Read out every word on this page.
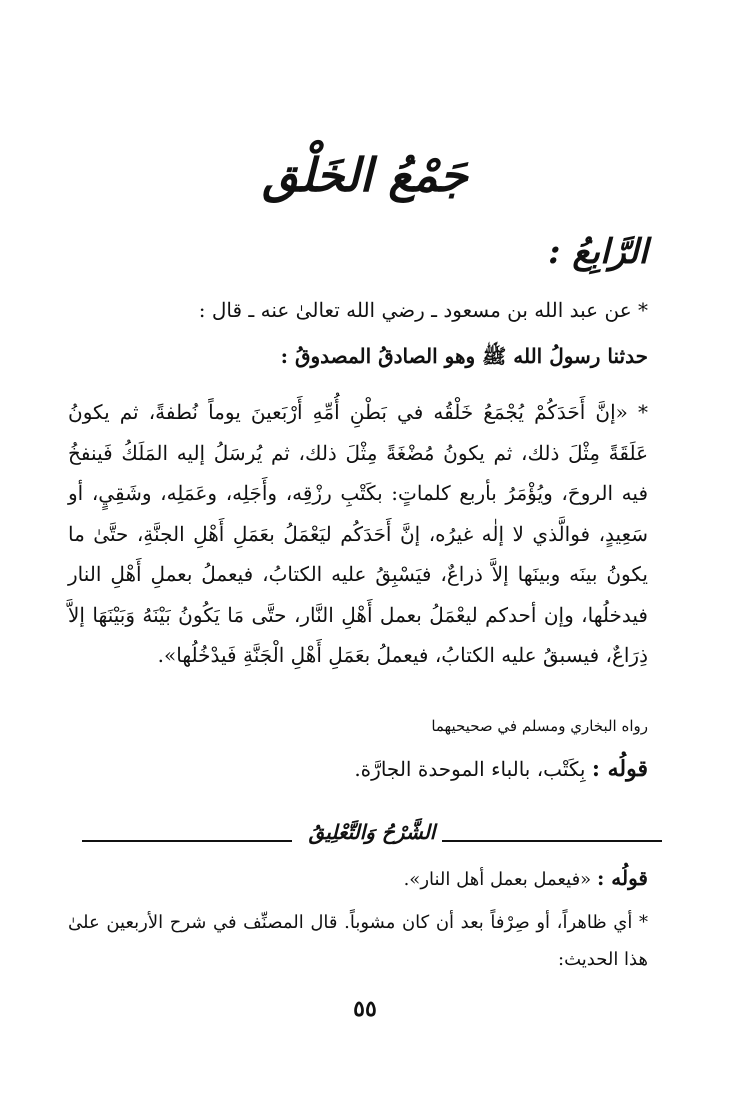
جَمْعُ الخَلْق
الرَّابِعُ :
* عن عبد الله بن مسعود ـ رضي الله تعالىٰ عنه ـ قال :
حدثنا رسولُ الله ﷺ وهو الصادقُ المصدوقُ :
* «إنَّ أَحَدَكُمْ يُجْمَعُ خَلْقُه في بَطْنِ أُمِّهِ أَرْبَعينَ يوماً نُطفةً، ثم يكونُ عَلَقَةً مِثْلَ ذلك، ثم يكونُ مُضْغَةً مِثْلَ ذلك، ثم يُرسَلُ إليه المَلَكُ فَينفخُ فيه الروحَ، ويُؤْمَرُ بأربع كلماتٍ: بكَتْبِ رزْقِه، وأَجَلِه، وعَمَلِه، وشَقِيٍ، أو سَعِيدٍ، فوالَّذي لا إلٰه غيرُه، إنَّ أَحَدَكُم ليَعْمَلُ بعَمَلِ أَهْلِ الجنَّةِ، حتَّىٰ ما يكونُ بينَه وبينَها إلاَّ ذراعٌ، فيَسْبِقُ عليه الكتابُ، فيعملُ بعملِ أَهْلِ النار فيدخلُها، وإن أحدكم ليعْمَلُ بعمل أَهْلِ النَّار، حتَّى مَا يَكُونُ بَيْنَهُ وَبَيْنَهَا إلاَّ ذِرَاعٌ، فيسبقُ عليه الكتابُ، فيعملُ بعَمَلِ أَهْلِ الْجَنَّةِ فَيدْخُلُها».
رواه البخاري ومسلم في صحيحيهما
قولُه : بِكَتْب، بالباء الموحدة الجارَّة.
الشَّرْحُ وَالتَّعْلِيقُ
قولُه : «فيعمل بعمل أهل النار».
* أي ظاهراً، أو صِرْفاً بعد أن كان مشوباً. قال المصنِّف في شرح الأربعين علىٰ هذا الحديث:
٥٥
